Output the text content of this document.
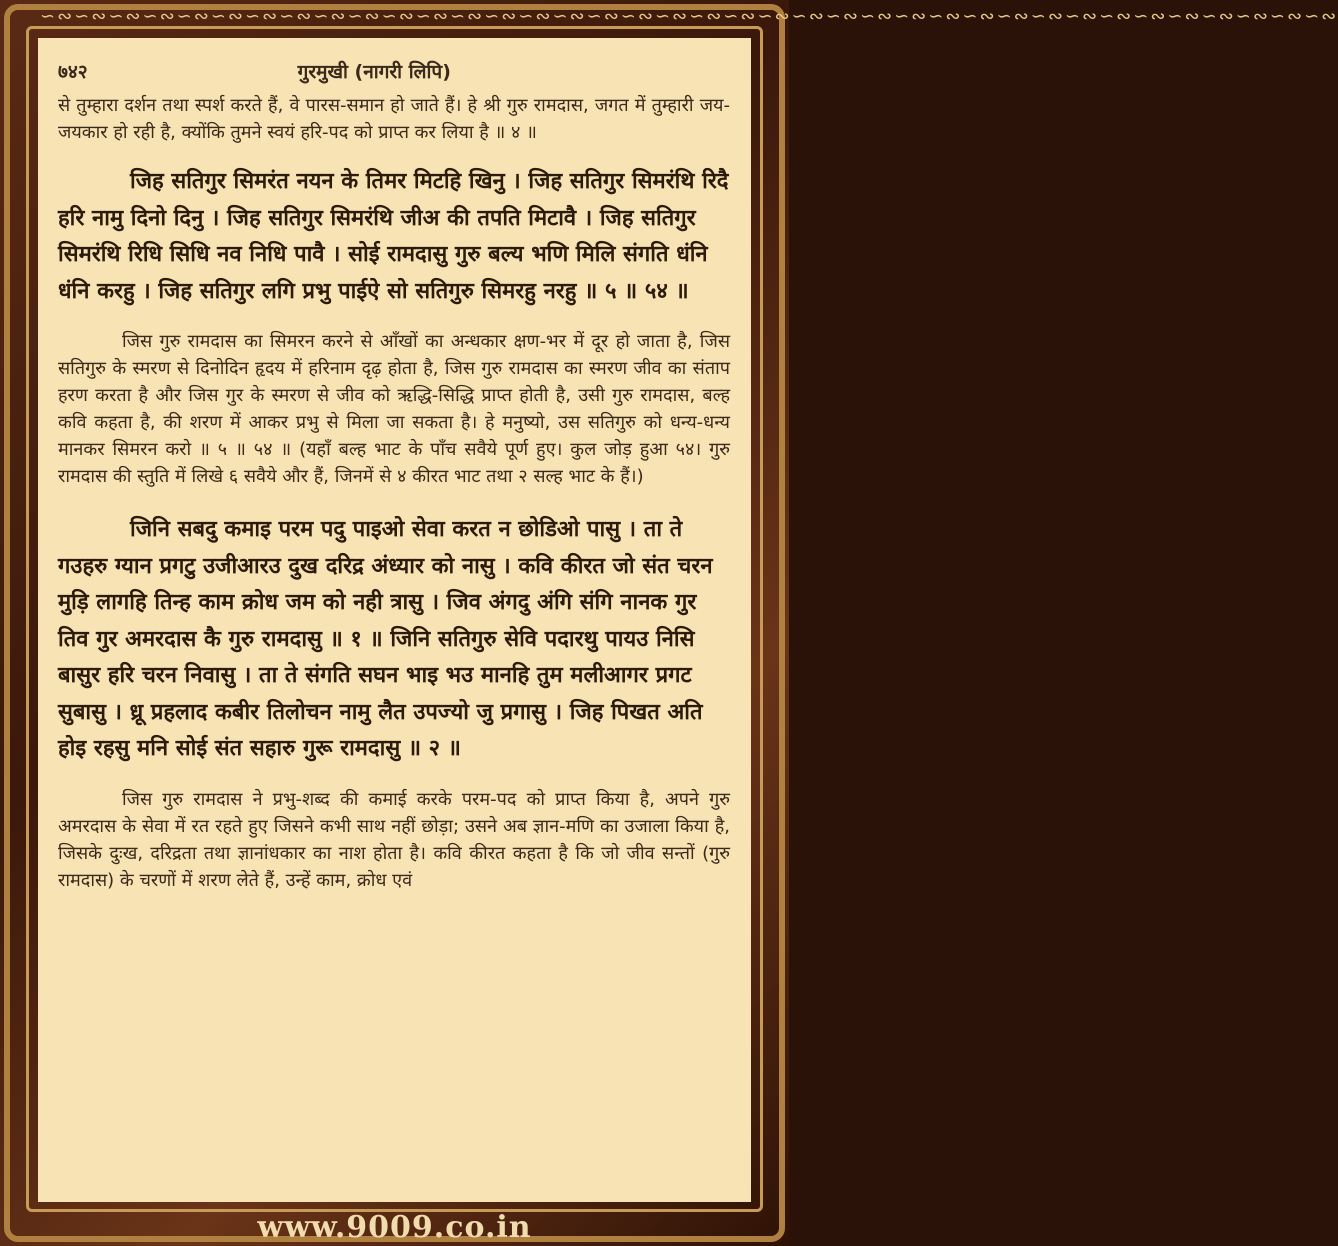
∽∾∽∾∽∾∽∾∽∾∽∾∽∾∽∾∽∾∽∾∽∾∽∾∽∾∽∾∽∾∽∾∽∾∽∾∽∾∽∾∽∾∽∾∽∾∽∾∽∾∽∾∽∾∽∾∽∾∽∾∽∾∽∾∽∾∽∾∽∾∽∾∽∾∽∾
७४२	गुरमुखी (नागरी लिपि)

से तुम्हारा दर्शन तथा स्पर्श करते हैं, वे पारस-समान हो जाते हैं। हे श्री गुरु रामदास, जगत में तुम्हारी जय-जयकार हो रही है, क्योंकि तुमने स्वयं हरि-पद को प्राप्त कर लिया है ॥ ४ ॥

जिह सतिगुर सिमरंत नयन के तिमर मिटहि खिनु । जिह सतिगुर सिमरंथि रिदै हरि नामु दिनो दिनु । जिह सतिगुर सिमरंथि जीअ की तपति मिटावै । जिह सतिगुर सिमरंथि रिधि सिधि नव निधि पावै । सोई रामदासु गुरु बल्य भणि मिलि संगति धंनि धंनि करहु । जिह सतिगुर लगि प्रभु पाईऐ सो सतिगुरु सिमरहु नरहु ॥ ५ ॥ ५४ ॥

जिस गुरु रामदास का सिमरन करने से आँखों का अन्धकार क्षण-भर में दूर हो जाता है, जिस सतिगुरु के स्मरण से दिनोदिन हृदय में हरिनाम दृढ़ होता है, जिस गुरु रामदास का स्मरण जीव का संताप हरण करता है और जिस गुर के स्मरण से जीव को ऋद्धि-सिद्धि प्राप्त होती है, उसी गुरु रामदास, बल्ह कवि कहता है, की शरण में आकर प्रभु से मिला जा सकता है। हे मनुष्यो, उस सतिगुरु को धन्य-धन्य मानकर सिमरन करो ॥ ५ ॥ ५४ ॥ (यहाँ बल्ह भाट के पाँच सवैये पूर्ण हुए। कुल जोड़ हुआ ५४। गुरु रामदास की स्तुति में लिखे ६ सवैये और हैं, जिनमें से ४ कीरत भाट तथा २ सल्ह भाट के हैं।)

जिनि सबदु कमाइ परम पदु पाइओ सेवा करत न छोडिओ पासु । ता ते गउहरु ग्यान प्रगटु उजीआरउ दुख दरिद्र अंध्यार को नासु । कवि कीरत जो संत चरन मुड़ि लागहि तिन्ह काम क्रोध जम को नही त्रासु । जिव अंगदु अंगि संगि नानक गुर तिव गुर अमरदास कै गुरु रामदासु ॥ १ ॥ जिनि सतिगुरु सेवि पदारथु पायउ निसि बासुर हरि चरन निवासु । ता ते संगति सघन भाइ भउ मानहि तुम मलीआगर प्रगट सुबासु । ध्रू प्रहलाद कबीर तिलोचन नामु लैत उपज्यो जु प्रगासु । जिह पिखत अति होइ रहसु मनि सोई संत सहारु गुरू रामदासु ॥ २ ॥

जिस गुरु रामदास ने प्रभु-शब्द की कमाई करके परम-पद को प्राप्त किया है, अपने गुरु अमरदास के सेवा में रत रहते हुए जिसने कभी साथ नहीं छोड़ा; उसने अब ज्ञान-मणि का उजाला किया है, जिसके दुःख, दरिद्रता तथा ज्ञानांधकार का नाश होता है। कवि कीरत कहता है कि जो जीव सन्तों (गुरु रामदास) के चरणों में शरण लेते हैं, उन्हें काम, क्रोध एवं

www.9009.co.in
